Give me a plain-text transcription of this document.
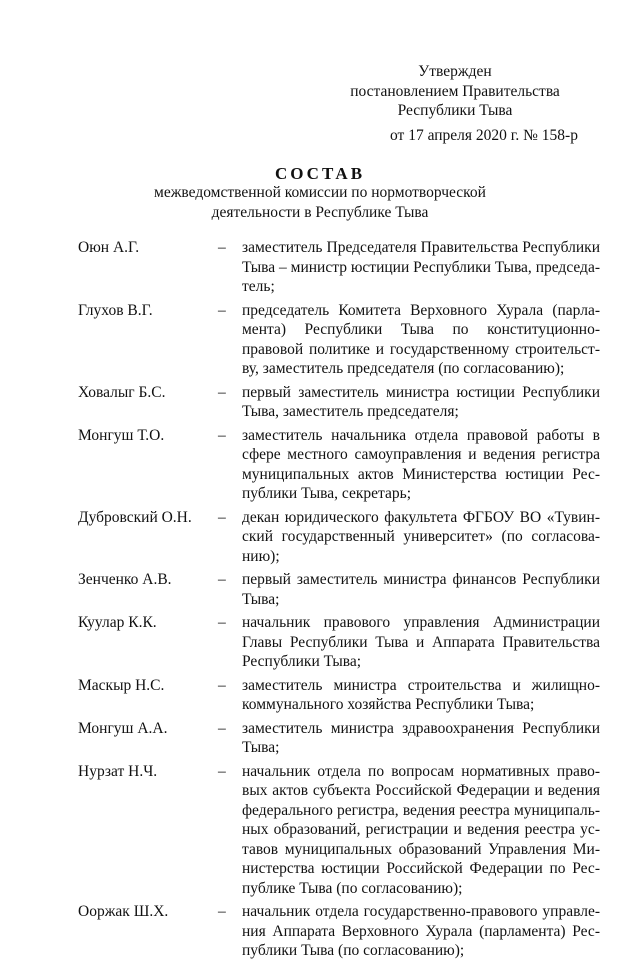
Утвержден
постановлением Правительства
Республики Тыва
от 17 апреля 2020 г. № 158-р
СОСТАВ
межведомственной комиссии по нормотворческой
деятельности в Республике Тыва
Оюн А.Г.	–	заместитель Председателя Правительства Республики Тыва – министр юстиции Республики Тыва, председатель;
Глухов В.Г.	–	председатель Комитета Верховного Хурала (парламента) Республики Тыва по конституционно-правовой политике и государственному строительству, заместитель председателя (по согласованию);
Ховалыг Б.С.	–	первый заместитель министра юстиции Республики Тыва, заместитель председателя;
Монгуш Т.О.	–	заместитель начальника отдела правовой работы в сфере местного самоуправления и ведения регистра муниципальных актов Министерства юстиции Республики Тыва, секретарь;
Дубровский О.Н.	–	декан юридического факультета ФГБОУ ВО «Тувинский государственный университет» (по согласованию);
Зенченко А.В.	–	первый заместитель министра финансов Республики Тыва;
Куулар К.К.	–	начальник правового управления Администрации Главы Республики Тыва и Аппарата Правительства Республики Тыва;
Маскыр Н.С.	–	заместитель министра строительства и жилищно-коммунального хозяйства Республики Тыва;
Монгуш А.А.	–	заместитель министра здравоохранения Республики Тыва;
Нурзат Н.Ч.	–	начальник отдела по вопросам нормативных правовых актов субъекта Российской Федерации и ведения федерального регистра, ведения реестра муниципальных образований, регистрации и ведения реестра уставов муниципальных образований Управления Министерства юстиции Российской Федерации по Республике Тыва (по согласованию);
Ооржак Ш.Х.	–	начальник отдела государственно-правового управления Аппарата Верховного Хурала (парламента) Республики Тыва (по согласованию);
